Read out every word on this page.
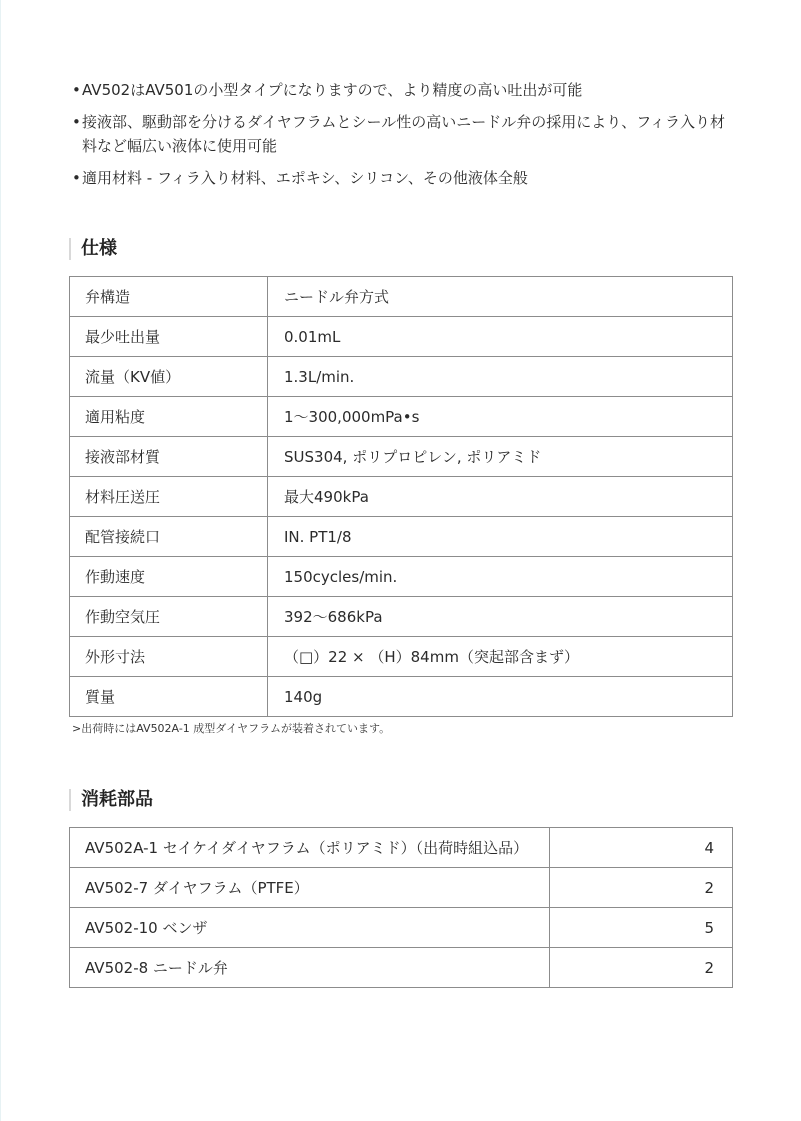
• AV502はAV501の小型タイプになりますので、より精度の高い吐出が可能
• 接液部、駆動部を分けるダイヤフラムとシール性の高いニードル弁の採用により、フィラ入り材料など幅広い液体に使用可能
• 適用材料 - フィラ入り材料、エポキシ、シリコン、その他液体全般
仕様
弁構造	ニードル弁方式
最少吐出量	0.01mL
流量（KV値）	1.3L/min.
適用粘度	1〜300,000mPa•s
接液部材質	SUS304, ポリプロピレン, ポリアミド
材料圧送圧	最大490kPa
配管接続口	IN. PT1/8
作動速度	150cycles/min.
作動空気圧	392〜686kPa
外形寸法	（□）22 × （H）84mm（突起部含まず）
質量	140g
>出荷時にはAV502A-1 成型ダイヤフラムが装着されています。
消耗部品
AV502A-1 セイケイダイヤフラム（ポリアミド）（出荷時組込品）	4
AV502-7 ダイヤフラム（PTFE）	2
AV502-10 ベンザ	5
AV502-8 ニードル弁	2
